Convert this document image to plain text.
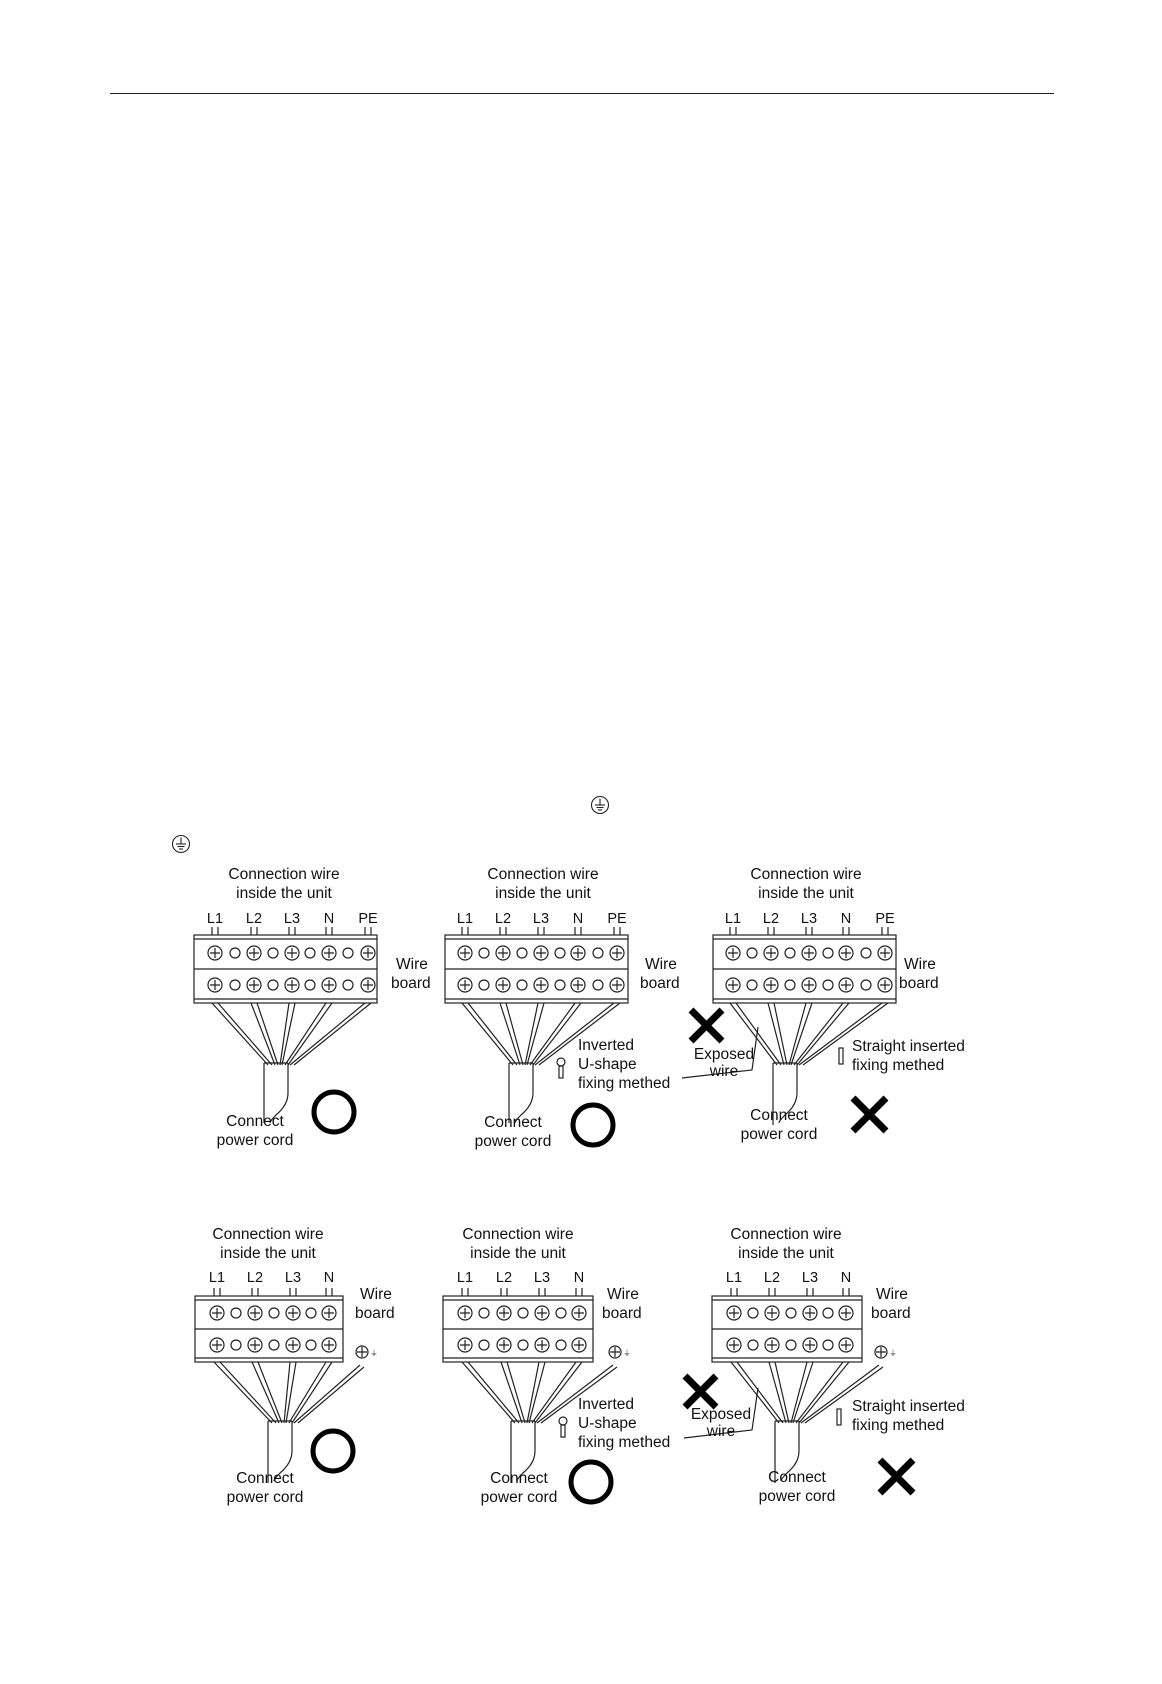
Connection wire
inside the unit
L1 L2 L3 N PE
Wire
board
Connect
power cord
Connection wire
inside the unit
L1 L2 L3 N PE
Wire
board
Inverted
U-shape
fixing methed
Connect
power cord
Connection wire
inside the unit
L1 L2 L3 N PE
Wire
board
Exposed
wire
Straight inserted
fixing methed
Connect
power cord
Connection wire
inside the unit
L1 L2 L3 N
⏚
Wire
board
Connect
power cord
Connection wire
inside the unit
L1 L2 L3 N
⏚
Wire
board
Inverted
U-shape
fixing methed
Connect
power cord
Connection wire
inside the unit
L1 L2 L3 N
⏚
Wire
board
Exposed
wire
Straight inserted
fixing methed
Connect
power cord
